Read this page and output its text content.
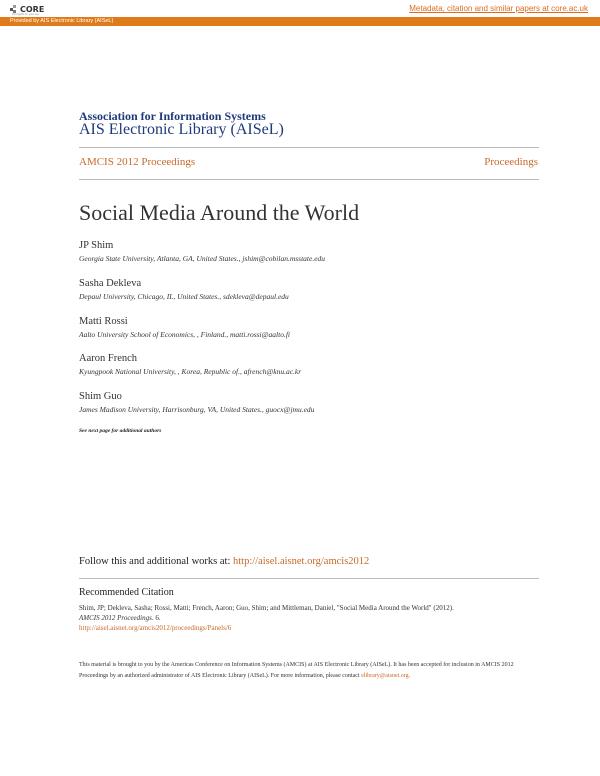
CORE
brought to you by
Metadata, citation and similar papers at core.ac.uk
Provided by AIS Electronic Library (AISeL)
Association for Information Systems
AIS Electronic Library (AISeL)
AMCIS 2012 Proceedings	Proceedings
Social Media Around the World
JP Shim
Georgia State University, Atlanta, GA, United States., jshim@cobilan.msstate.edu
Sasha Dekleva
Depaul University, Chicago, IL, United States., sdekleva@depaul.edu
Matti Rossi
Aalto University School of Economics, , Finland., matti.rossi@aalto.fi
Aaron French
Kyungpook National University, , Korea, Republic of., afrench@knu.ac.kr
Shim Guo
James Madison University, Harrisonburg, VA, United States., guocx@jmu.edu
See next page for additional authors
Follow this and additional works at: http://aisel.aisnet.org/amcis2012
Recommended Citation
Shim, JP; Dekleva, Sasha; Rossi, Matti; French, Aaron; Guo, Shim; and Mittleman, Daniel, "Social Media Around the World" (2012).
AMCIS 2012 Proceedings. 6.
http://aisel.aisnet.org/amcis2012/proceedings/Panels/6
This material is brought to you by the Americas Conference on Information Systems (AMCIS) at AIS Electronic Library (AISeL). It has been accepted for inclusion in AMCIS 2012 Proceedings by an authorized administrator of AIS Electronic Library (AISeL). For more information, please contact elibrary@aisnet.org.
